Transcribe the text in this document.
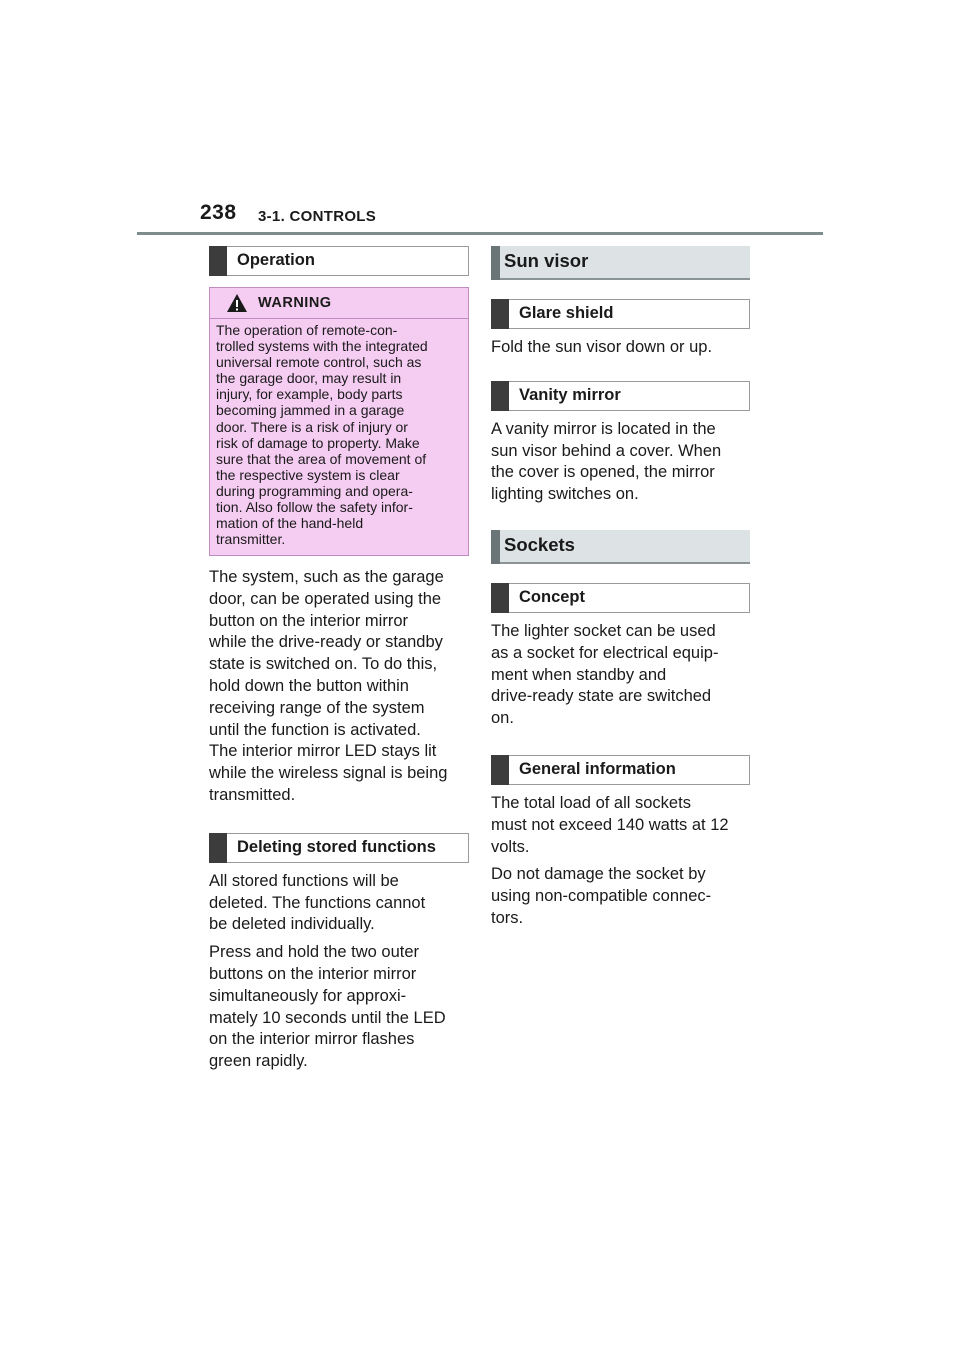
238 3-1. CONTROLS
Operation
WARNING
The operation of remote-con-
trolled systems with the integrated
universal remote control, such as
the garage door, may result in
injury, for example, body parts
becoming jammed in a garage
door. There is a risk of injury or
risk of damage to property. Make
sure that the area of movement of
the respective system is clear
during programming and opera-
tion. Also follow the safety infor-
mation of the hand-held
transmitter.
The system, such as the garage
door, can be operated using the
button on the interior mirror
while the drive-ready or standby
state is switched on. To do this,
hold down the button within
receiving range of the system
until the function is activated.
The interior mirror LED stays lit
while the wireless signal is being
transmitted.
Deleting stored functions
All stored functions will be
deleted. The functions cannot
be deleted individually.
Press and hold the two outer
buttons on the interior mirror
simultaneously for approxi-
mately 10 seconds until the LED
on the interior mirror flashes
green rapidly.
Sun visor
Glare shield
Fold the sun visor down or up.
Vanity mirror
A vanity mirror is located in the
sun visor behind a cover. When
the cover is opened, the mirror
lighting switches on.
Sockets
Concept
The lighter socket can be used
as a socket for electrical equip-
ment when standby and
drive-ready state are switched
on.
General information
The total load of all sockets
must not exceed 140 watts at 12
volts.
Do not damage the socket by
using non-compatible connec-
tors.
